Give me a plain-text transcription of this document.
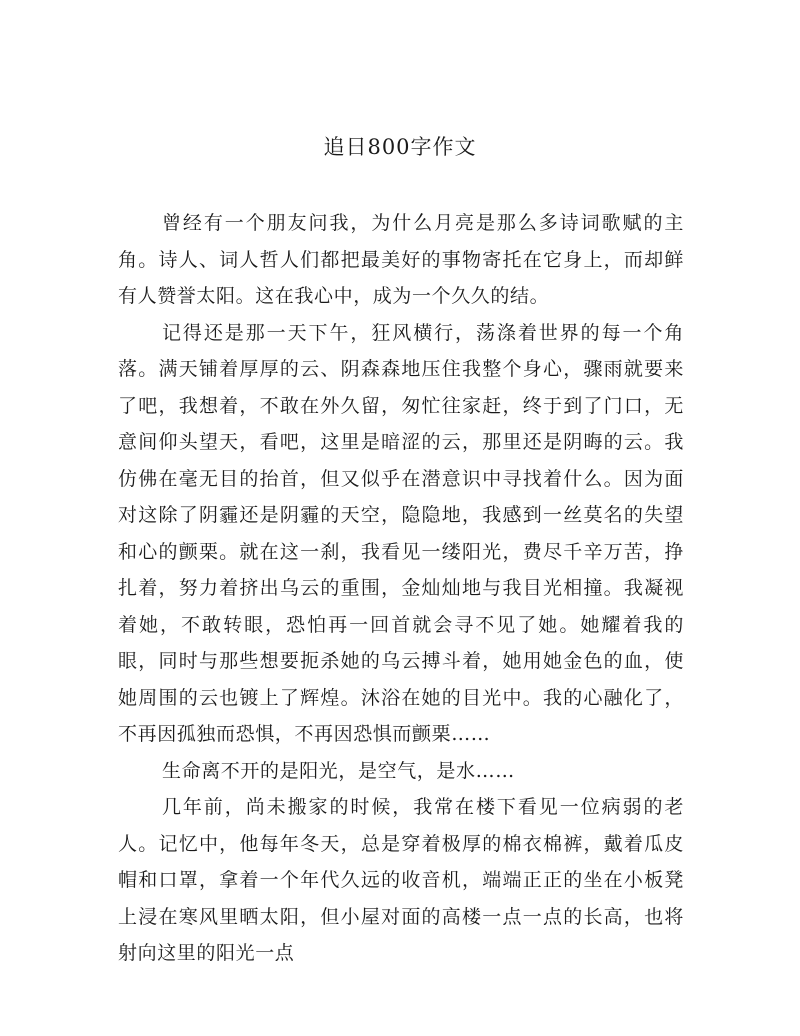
追日800字作文

曾经有一个朋友问我，为什么月亮是那么多诗词歌赋的主角。诗人、词人哲人们都把最美好的事物寄托在它身上，而却鲜有人赞誉太阳。这在我心中，成为一个久久的结。

记得还是那一天下午，狂风横行，荡涤着世界的每一个角落。满天铺着厚厚的云、阴森森地压住我整个身心，骤雨就要来了吧，我想着，不敢在外久留，匆忙往家赶，终于到了门口，无意间仰头望天，看吧，这里是暗涩的云，那里还是阴晦的云。我仿佛在毫无目的抬首，但又似乎在潜意识中寻找着什么。因为面对这除了阴霾还是阴霾的天空，隐隐地，我感到一丝莫名的失望和心的颤栗。就在这一刹，我看见一缕阳光，费尽千辛万苦，挣扎着，努力着挤出乌云的重围，金灿灿地与我目光相撞。我凝视着她，不敢转眼，恐怕再一回首就会寻不见了她。她耀着我的眼，同时与那些想要扼杀她的乌云搏斗着，她用她金色的血，使她周围的云也镀上了辉煌。沐浴在她的目光中。我的心融化了，不再因孤独而恐惧，不再因恐惧而颤栗……

生命离不开的是阳光，是空气，是水……

几年前，尚未搬家的时候，我常在楼下看见一位病弱的老人。记忆中，他每年冬天，总是穿着极厚的棉衣棉裤，戴着瓜皮帽和口罩，拿着一个年代久远的收音机，端端正正的坐在小板凳上浸在寒风里晒太阳，但小屋对面的高楼一点一点的长高，也将射向这里的阳光一点
